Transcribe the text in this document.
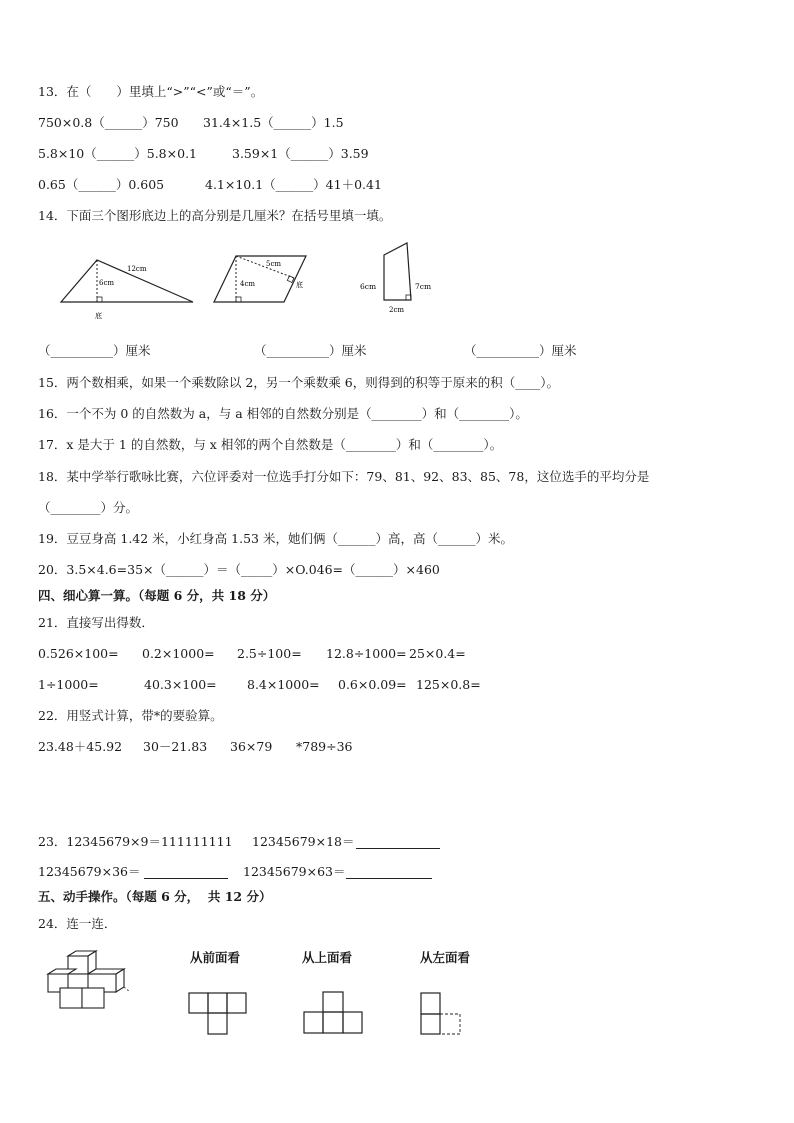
13．在（　　）里填上“>”“<”或“＝”。
750×0.8（______）750 31.4×1.5（______）1.5
5.8×10（______）5.8×0.1	3.59×1（______）3.59
0.65（______）0.605	4.1×10.1（______）41＋0.41
14．下面三个图形底边上的高分别是几厘米？在括号里填一填。
12cm
6cm
底
5cm
4cm	底	6cm	7cm
2cm
（__________）厘米	（__________）厘米	（__________）厘米
15．两个数相乘，如果一个乘数除以 2，另一个乘数乘 6，则得到的积等于原来的积（____）。
16．一个不为 0 的自然数为 a，与 a 相邻的自然数分别是（________）和（________）。
17．x 是大于 1 的自然数，与 x 相邻的两个自然数是（________）和（________）。
18．某中学举行歌咏比赛，六位评委对一位选手打分如下：79、81、92、83、85、78，这位选手的平均分是
（________）分。
19．豆豆身高 1.42 米，小红身高 1.53 米，她们俩（______）高，高（______）米。
20．3.5×4.6=35×（______）＝（_____）×O.046=（______）×460
四、细心算一算。（每题 6 分，共 18 分）
21．直接写出得数．
0.526×100= 0.2×1000= 2.5÷100= 12.8÷1000= 25×0.4=
1÷1000=	40.3×100= 8.4×1000= 0.6×0.09= 125×0.8=
22．用竖式计算，带*的要验算。
23.48＋45.92 30－21.83 36×79 *789÷36
23．12345679×9＝111111111 12345679×18＝
12345679×36＝	12345679×63＝
五、动手操作。（每题 6 分，  共 12 分）
24．连一连．
从前面看	从上面看	从左面看
